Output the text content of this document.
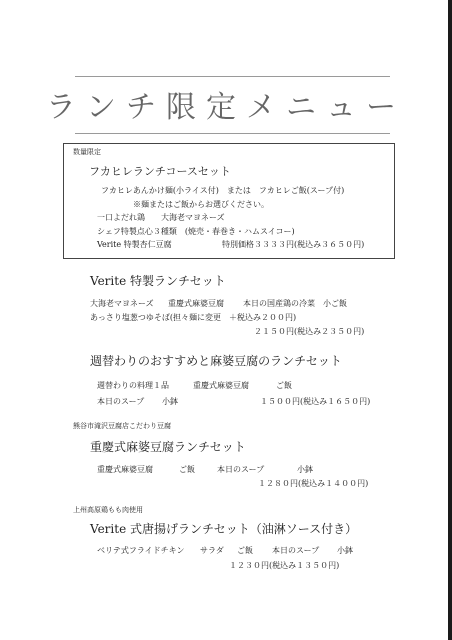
ランチ限定メニュー
数量限定
フカヒレランチコースセット
フカヒレあんかけ麺(小ライス付)　または　フカヒレご飯(スープ付)
※麺またはご飯からお選びください。
一口よだれ鶏　　大海老マヨネーズ
シェフ特製点心３種類　(焼売・春巻き・ハムスイコー)
Verite 特製杏仁豆腐	特別価格３３３３円(税込み３６５０円)
Verite 特製ランチセット
大海老マヨネーズ 重慶式麻婆豆腐 本日の国産鶏の冷菜 小ご飯
あっさり塩葱つゆそば(担々麺に変更　＋税込み２００円)
２１５０円(税込み２３５０円)
週替わりのおすすめと麻婆豆腐のランチセット
週替わりの料理１品	重慶式麻婆豆腐	ご飯
本日のスープ 小鉢	１５００円(税込み１６５０円)
熊谷市滝沢豆腐店こだわり豆腐
重慶式麻婆豆腐ランチセット
重慶式麻婆豆腐	ご飯	本日のスープ	小鉢
１２８０円(税込み１４００円)
上州高原鶏もも肉使用
Verite 式唐揚げランチセット（油淋ソース付き）
ベリテ式フライドチキン サラダ ご飯 本日のスープ 小鉢
１２３０円(税込み１３５０円)
